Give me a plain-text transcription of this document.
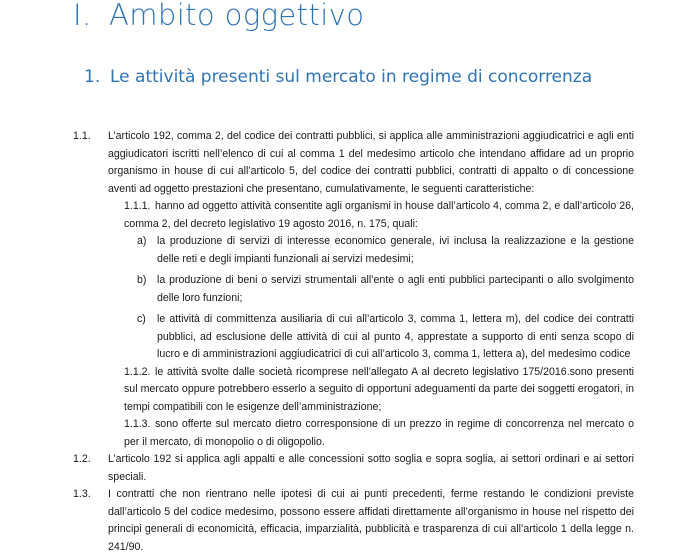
I. Ambito oggettivo
1. Le attività presenti sul mercato in regime di concorrenza
1.1. L’articolo 192, comma 2, del codice dei contratti pubblici, si applica alle amministrazioni aggiudicatrici e agli enti aggiudicatori iscritti nell’elenco di cui al comma 1 del medesimo articolo che intendano affidare ad un proprio organismo in house di cui all’articolo 5, del codice dei contratti pubblici, contratti di appalto o di concessione aventi ad oggetto prestazioni che presentano, cumulativamente, le seguenti caratteristiche:
1.1.1. hanno ad oggetto attività consentite agli organismi in house dall’articolo 4, comma 2, e dall’articolo 26, comma 2, del decreto legislativo 19 agosto 2016, n. 175, quali:
a) la produzione di servizi di interesse economico generale, ivi inclusa la realizzazione e la gestione delle reti e degli impianti funzionali ai servizi medesimi;
b) la produzione di beni o servizi strumentali all’ente o agli enti pubblici partecipanti o allo svolgimento delle loro funzioni;
c) le attività di committenza ausiliaria di cui all’articolo 3, comma 1, lettera m), del codice dei contratti pubblici, ad esclusione delle attività di cui al punto 4, apprestate a supporto di enti senza scopo di lucro e di amministrazioni aggiudicatrici di cui all’articolo 3, comma 1, lettera a), del medesimo codice
1.1.2. le attività svolte dalle società ricomprese nell’allegato A al decreto legislativo 175/2016.sono presenti sul mercato oppure potrebbero esserlo a seguito di opportuni adeguamenti da parte dei soggetti erogatori, in tempi compatibili con le esigenze dell’amministrazione;
1.1.3. sono offerte sul mercato dietro corresponsione di un prezzo in regime di concorrenza nel mercato o per il mercato, di monopolio o di oligopolio.
1.2. L’articolo 192 si applica agli appalti e alle concessioni sotto soglia e sopra soglia, ai settori ordinari e ai settori speciali.
1.3. I contratti che non rientrano nelle ipotesi di cui ai punti precedenti, ferme restando le condizioni previste dall’articolo 5 del codice medesimo, possono essere affidati direttamente all’organismo in house nel rispetto dei principi generali di economicità, efficacia, imparzialità, pubblicità e trasparenza di cui all’articolo 1 della legge n. 241/90.
